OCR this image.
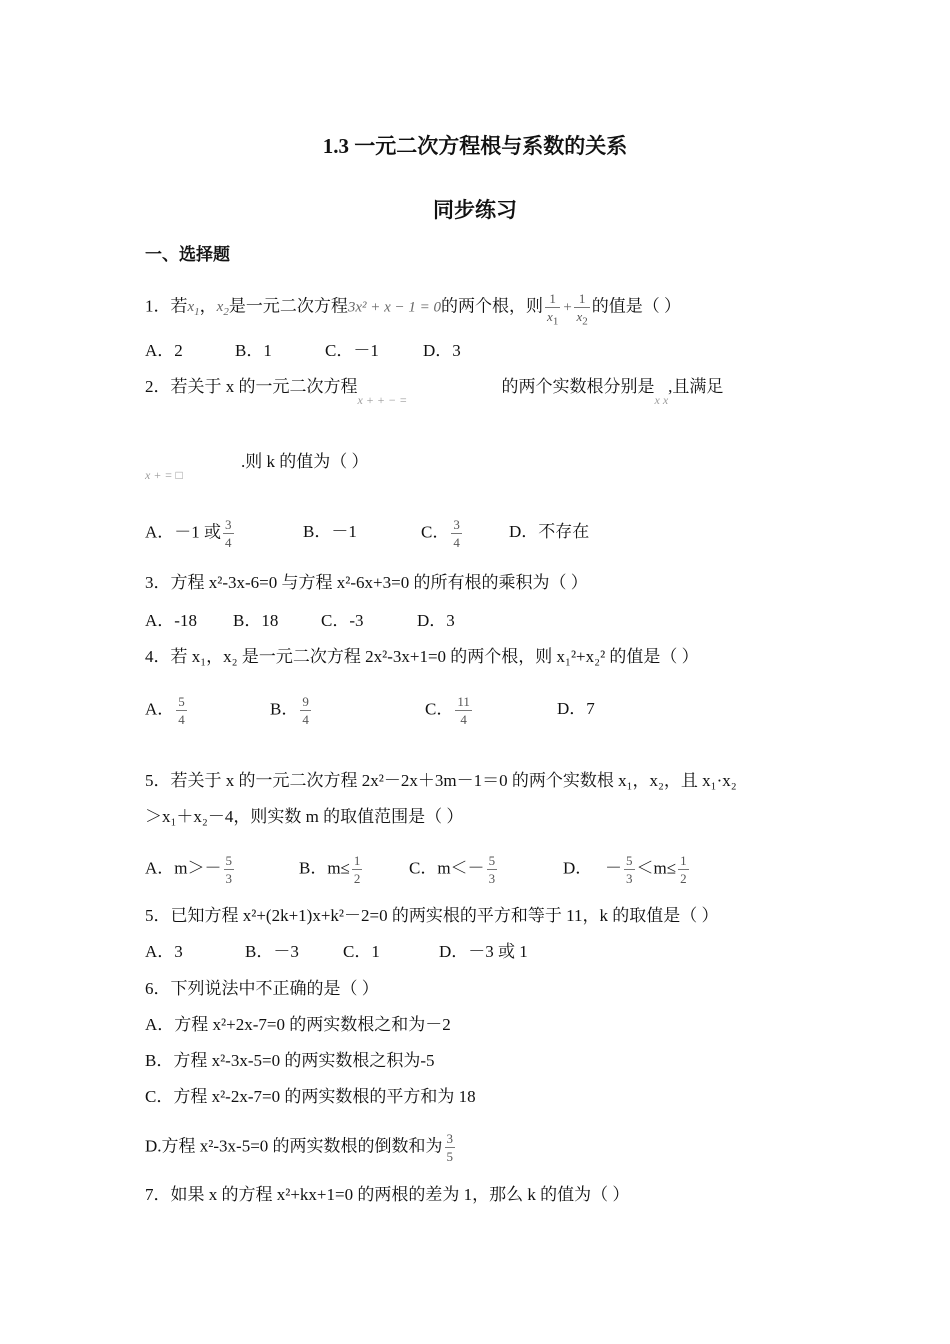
1.3 一元二次方程根与系数的关系
同步练习
一、选择题
1．若$x_1$，$x_2$是一元二次方程3x² + x − 1 = 0的两个根，则 $\frac{1}{x_1} + \frac{1}{x_2}$ 的值是（ ）
A．2	B．1	C．－1	D．3
2．若关于 x 的一元二次方程x + + − =的两个实数根分别是$_{x x}$,且满足
x + = □.则 k 的值为（ ）
A．－1 或 $\frac{3}{4}$	B．－1	C． $\frac{3}{4}$	D．不存在
3．方程 x²-3x-6=0 与方程 x²-6x+3=0 的所有根的乘积为（ ）
A．-18 B．18	C．-3	D．3
4．若 x₁，x₂ 是一元二次方程 2x²-3x+1=0 的两个根，则 x₁²+x₂² 的值是（ ）
A． $\frac{5}{4}$	B． $\frac{9}{4}$	C． $\frac{11}{4}$	D．7
5．若关于 x 的一元二次方程 2x²－2x＋3m－1＝0 的两个实数根 x₁，x₂，且 x₁·x₂
＞x₁＋x₂－4，则实数 m 的取值范围是（ ）
A．$m>- \frac{5}{3}$	B．$m\le \frac{1}{2}$	C．$m<- \frac{5}{3}$	D．   － $\frac{5}{3} <m\le \frac{1}{2}$
5．已知方程 x²+(2k+1)x+k²－2=0 的两实根的平方和等于 11，k 的取值是（ ）
A．3	B．－3	C．1	D．－3 或 1
6．下列说法中不正确的是（ ）
A．方程 x²+2x-7=0 的两实数根之和为－2
B．方程 x²-3x-5=0 的两实数根之积为-5
C．方程 x²-2x-7=0 的两实数根的平方和为 18
D.方程 x²-3x-5=0 的两实数根的倒数和为 $\frac{3}{5}$
7．如果 x 的方程 x²+kx+1=0 的两根的差为 1，那么 k 的值为（ ）
